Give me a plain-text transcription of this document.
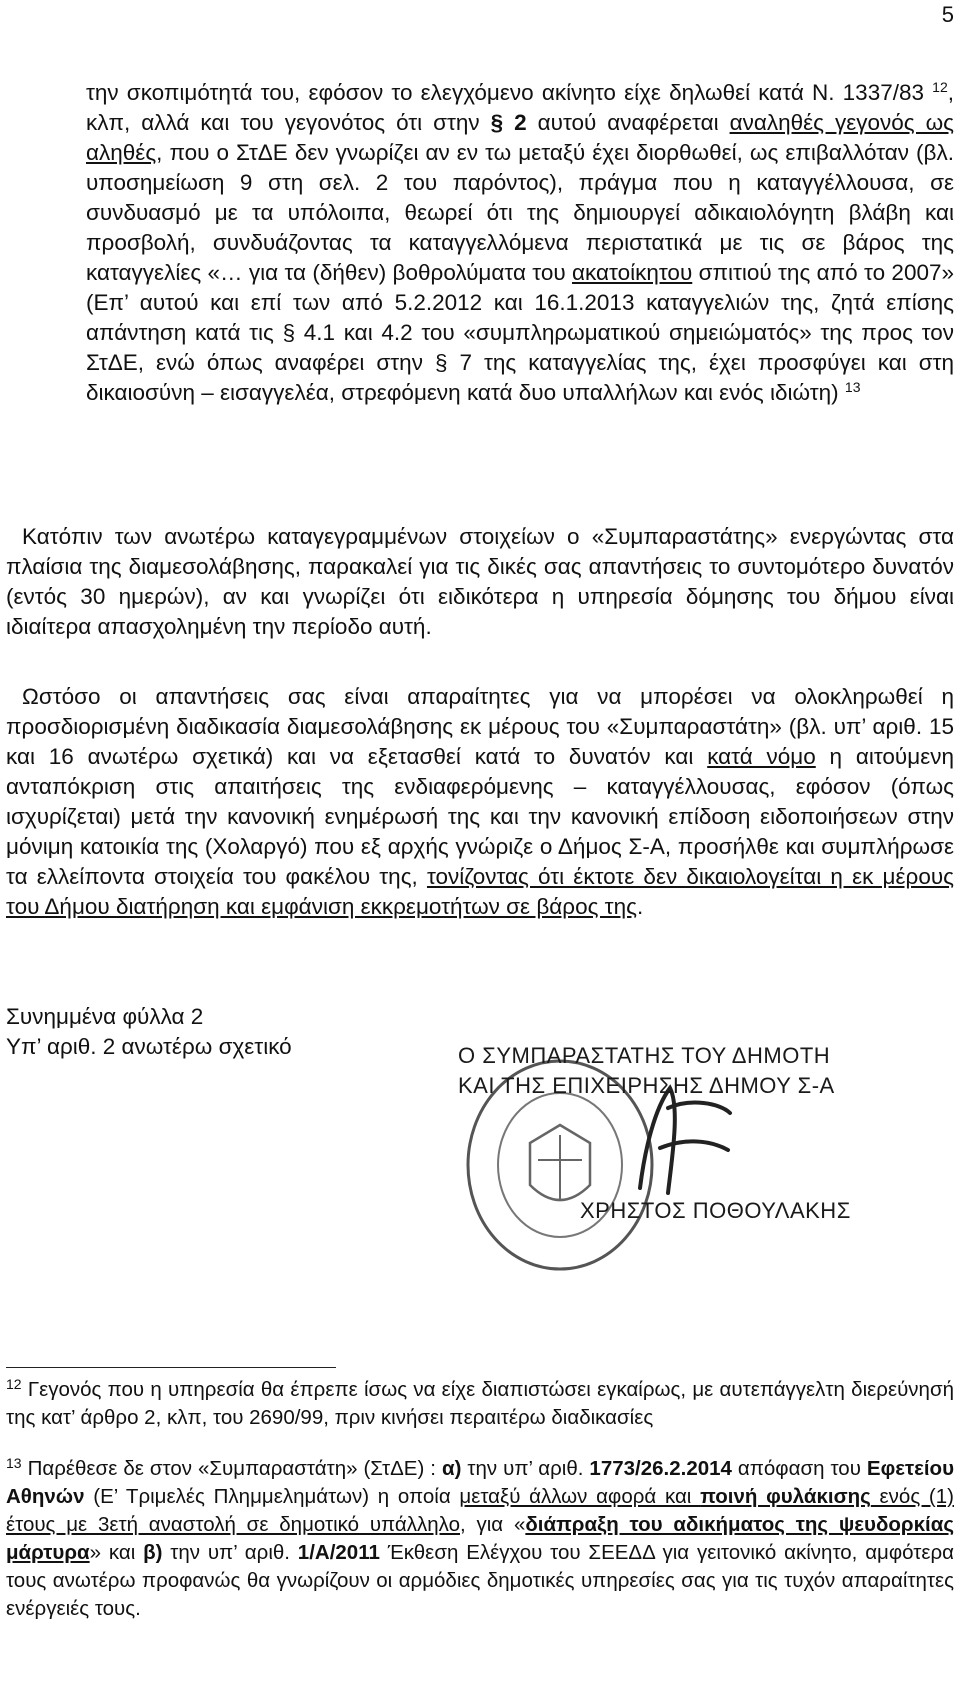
5
την σκοπιμότητά του, εφόσον το ελεγχόμενο ακίνητο είχε δηλωθεί κατά Ν. 1337/83 $^{12}$, κλπ, αλλά και του γεγονότος ότι στην § 2 αυτού αναφέρεται αναληθές γεγονός ως αληθές, που ο ΣτΔΕ δεν γνωρίζει αν εν τω μεταξύ έχει διορθωθεί, ως επιβαλλόταν (βλ. υποσημείωση 9 στη σελ. 2 του παρόντος), πράγμα που η καταγγέλλουσα, σε συνδυασμό με τα υπόλοιπα, θεωρεί ότι της δημιουργεί αδικαιολόγητη βλάβη και προσβολή, συνδυάζοντας τα καταγγελλόμενα περιστατικά με τις σε βάρος της καταγγελίες «… για τα (δήθεν) βοθρολύματα του ακατοίκητου σπιτιού της από το 2007» (Επ’ αυτού και επί των από 5.2.2012 και 16.1.2013 καταγγελιών της, ζητά επίσης απάντηση κατά τις § 4.1 και 4.2 του «συμπληρωματικού σημειώματός» της προς τον ΣτΔΕ, ενώ όπως αναφέρει στην § 7 της καταγγελίας της, έχει προσφύγει και στη δικαιοσύνη – εισαγγελέα, στρεφόμενη κατά δυο υπαλλήλων και ενός ιδιώτη) $^{13}$
Κατόπιν των ανωτέρω καταγεγραμμένων στοιχείων ο «Συμπαραστάτης» ενεργώντας στα πλαίσια της διαμεσολάβησης, παρακαλεί για τις δικές σας απαντήσεις το συντομότερο δυνατόν (εντός 30 ημερών), αν και γνωρίζει ότι ειδικότερα η υπηρεσία δόμησης του δήμου είναι ιδιαίτερα απασχολημένη την περίοδο αυτή.
Ωστόσο οι απαντήσεις σας είναι απαραίτητες για να μπορέσει να ολοκληρωθεί η προσδιορισμένη διαδικασία διαμεσολάβησης εκ μέρους του «Συμπαραστάτη» (βλ. υπ’ αριθ. 15 και 16 ανωτέρω σχετικά) και να εξετασθεί κατά το δυνατόν και κατά νόμο η αιτούμενη ανταπόκριση στις απαιτήσεις της ενδιαφερόμενης – καταγγέλλουσας, εφόσον (όπως ισχυρίζεται) μετά την κανονική ενημέρωσή της και την κανονική επίδοση ειδοποιήσεων στην μόνιμη κατοικία της (Χολαργό) που εξ αρχής γνώριζε ο Δήμος Σ-Α, προσήλθε και συμπλήρωσε τα ελλείποντα στοιχεία του φακέλου της, τονίζοντας ότι έκτοτε δεν δικαιολογείται η εκ μέρους του Δήμου διατήρηση και εμφάνιση εκκρεμοτήτων σε βάρος της.
Συνημμένα φύλλα 2
Υπ’ αριθ. 2 ανωτέρω σχετικό	Ο ΣΥΜΠΑΡΑΣΤΑΤΗΣ ΤΟΥ ΔΗΜΟΤΗ
ΚΑΙ ΤΗΣ ΕΠΙΧΕΙΡΗΣΗΣ ΔΗΜΟΥ Σ-Α
ΧΡΗΣΤΟΣ ΠΟΘΟΥΛΑΚΗΣ
$^{12}$ Γεγονός που η υπηρεσία θα έπρεπε ίσως να είχε διαπιστώσει εγκαίρως, με αυτεπάγγελτη διερεύνησή της κατ’ άρθρο 2, κλπ, του 2690/99, πριν κινήσει περαιτέρω διαδικασίες
$^{13}$ Παρέθεσε δε στον «Συμπαραστάτη» (ΣτΔΕ) : α) την υπ’ αριθ. 1773/26.2.2014 απόφαση του Εφετείου Αθηνών (Ε’ Τριμελές Πλημμελημάτων) η οποία μεταξύ άλλων αφορά και ποινή φυλάκισης ενός (1) έτους με 3ετή αναστολή σε δημοτικό υπάλληλο, για «διάπραξη του αδικήματος της ψευδορκίας μάρτυρα» και β) την υπ’ αριθ. 1/Α/2011 Έκθεση Ελέγχου του ΣΕΕΔΔ για γειτονικό ακίνητο, αμφότερα τους ανωτέρω προφανώς θα γνωρίζουν οι αρμόδιες δημοτικές υπηρεσίες σας για τις τυχόν απαραίτητες ενέργειές τους.
